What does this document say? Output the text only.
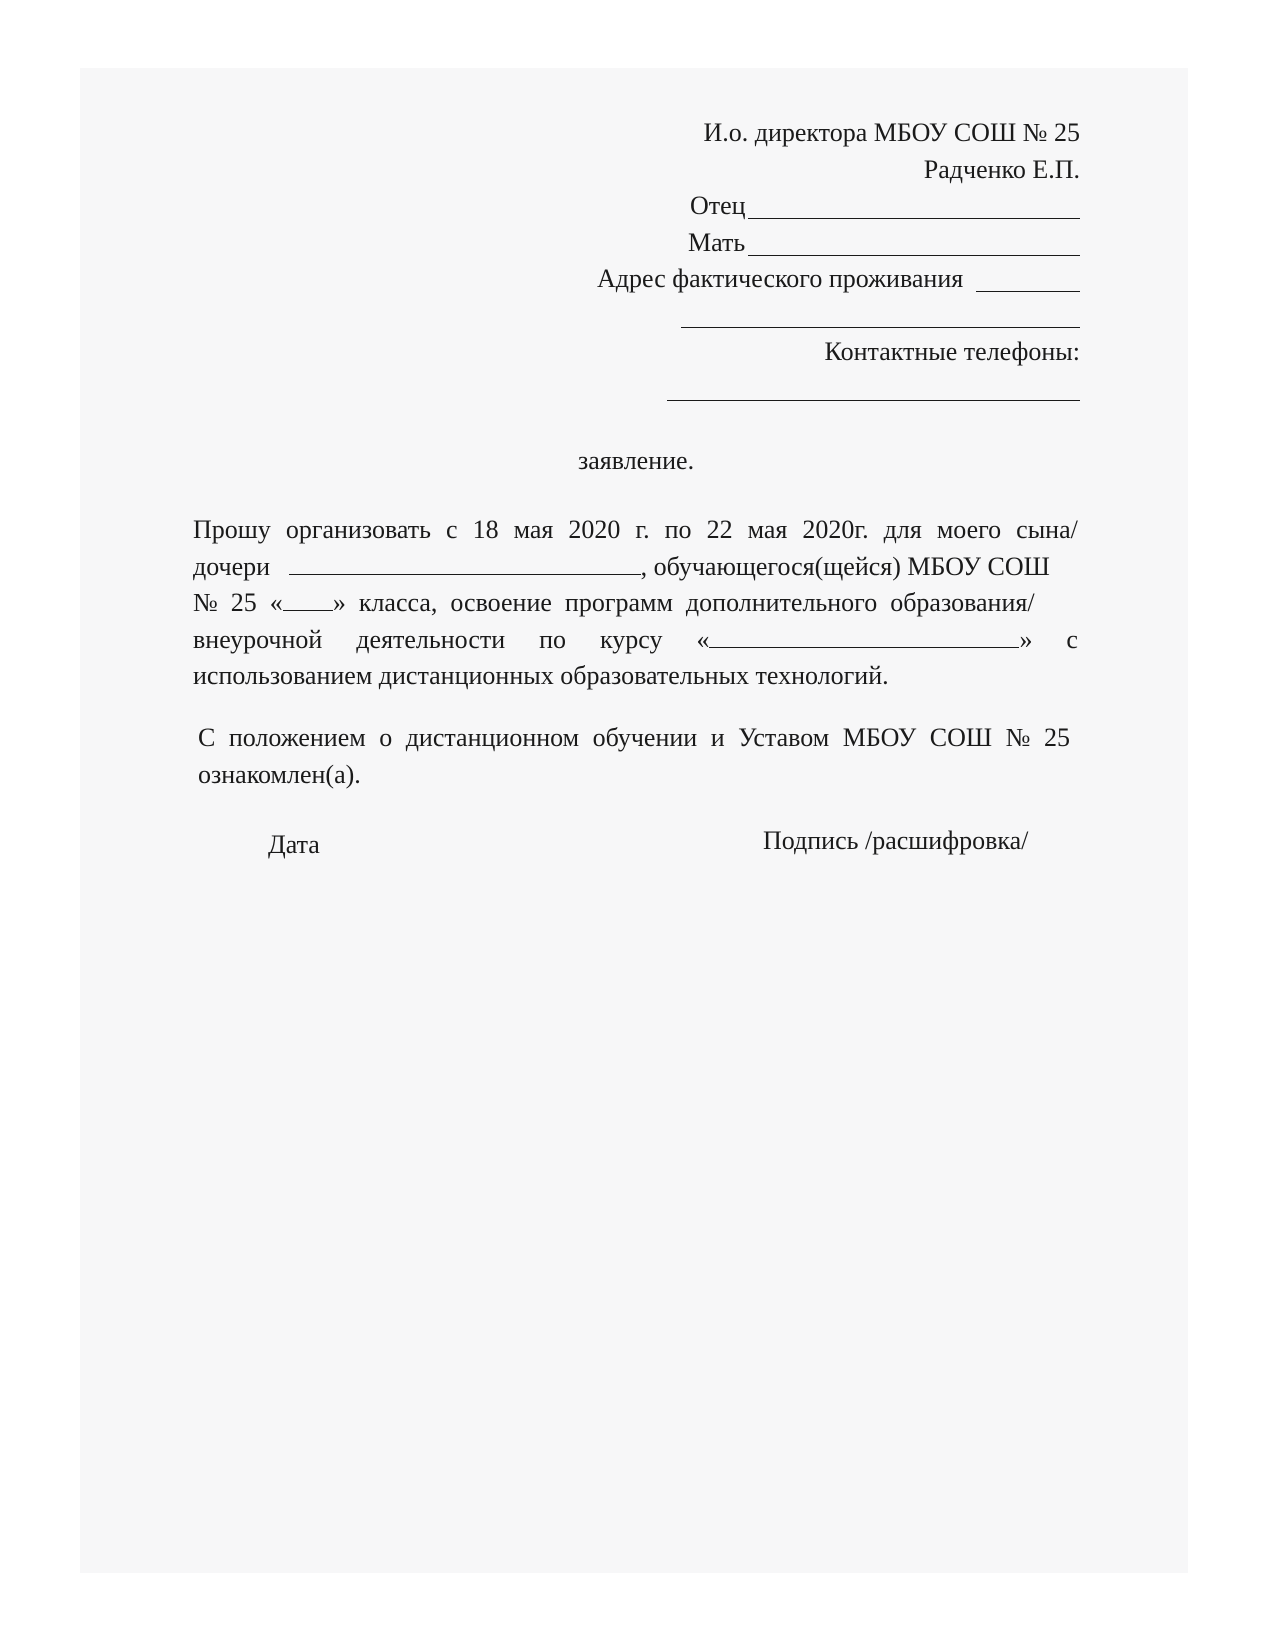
И.о. директора МБОУ СОШ № 25
Радченко Е.П.
Отец
Мать
Адрес фактического проживания
Контактные телефоны:
заявление.
Прошу организовать с 18 мая 2020 г. по 22 мая 2020г. для моего сына/
дочери	, обучающегося(щейся) МБОУ СОШ
№  25  « »  класса,  освоение  программ  дополнительного  образования/
внеурочной деятельности по курсу «	» с
использованием дистанционных образовательных технологий.
С положением о дистанционном обучении и Уставом МБОУ СОШ № 25
ознакомлен(а).
Дата	Подпись /расшифровка/
